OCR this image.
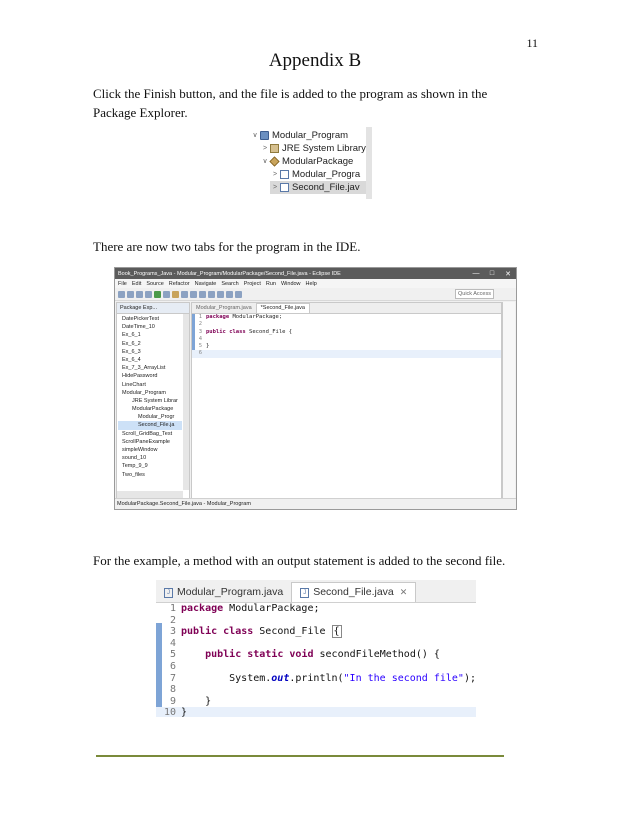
11
Appendix B
Click the Finish button, and the file is added to the program as shown in the Package Explorer.
∨ Modular_Program
>	JRE System Library
∨ ModularPackage
>	Modular_Progra
>	Second_File.jav
There are now two tabs for the program in the IDE.
Book_Programs_Java - Modular_Program/ModularPackage/Second_File.java - Eclipse IDE	—	□	✕
File Edit Source Refactor Navigate Search Project Run Window Help
Quick Access
Package Exp...
DatePickerTest
DateTime_10
Ex_6_1
Ex_6_2
Ex_6_3
Ex_6_4
Ex_7_3_ArrayList
HidePassword
LineChart
Modular_Program
JRE System Librar
ModularPackage
Modular_Progr
Second_File.ja
Scroll_GridBag_Test
ScrollPaneExample
simpleWindow
sound_10
Temp_9_9
Two_files
Modular_Program.java	*Second_File.java
1 package ModularPackage;
2
3 public class Second_File {
4
5 }
6
ModularPackage.Second_File.java - Modular_Program
For the example, a method with an output statement is added to the second file.
J Modular_Program.java	J Second_File.java ✕
1 package ModularPackage;
2
3 public class Second_File {
4
5	public static void secondFileMethod() {
6
7 System.out.println("In the second file");
8
9 }
10 }
